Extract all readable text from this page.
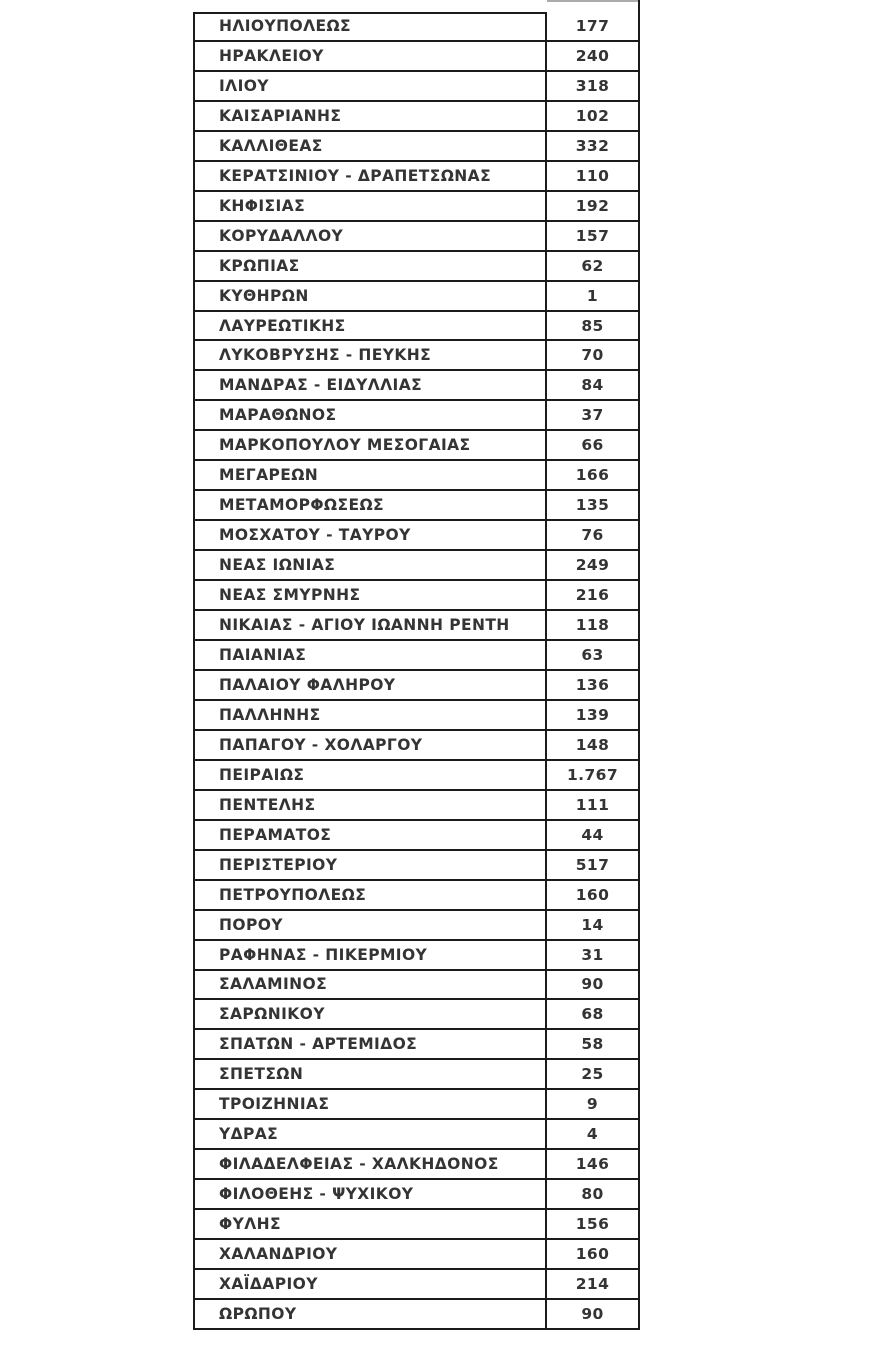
ΗΛΙΟΥΠΟΛΕΩΣ	177
ΗΡΑΚΛΕΙΟΥ	240
ΙΛΙΟΥ	318
ΚΑΙΣΑΡΙΑΝΗΣ	102
ΚΑΛΛΙΘΕΑΣ	332
ΚΕΡΑΤΣΙΝΙΟΥ - ΔΡΑΠΕΤΣΩΝΑΣ	110
ΚΗΦΙΣΙΑΣ	192
ΚΟΡΥΔΑΛΛΟΥ	157
ΚΡΩΠΙΑΣ	62
ΚΥΘΗΡΩΝ	1
ΛΑΥΡΕΩΤΙΚΗΣ	85
ΛΥΚΟΒΡΥΣΗΣ - ΠΕΥΚΗΣ	70
ΜΑΝΔΡΑΣ - ΕΙΔΥΛΛΙΑΣ	84
ΜΑΡΑΘΩΝΟΣ	37
ΜΑΡΚΟΠΟΥΛΟΥ ΜΕΣΟΓΑΙΑΣ	66
ΜΕΓΑΡΕΩΝ	166
ΜΕΤΑΜΟΡΦΩΣΕΩΣ	135
ΜΟΣΧΑΤΟΥ - ΤΑΥΡΟΥ	76
ΝΕΑΣ ΙΩΝΙΑΣ	249
ΝΕΑΣ ΣΜΥΡΝΗΣ	216
ΝΙΚΑΙΑΣ - ΑΓΙΟΥ ΙΩΑΝΝΗ ΡΕΝΤΗ	118
ΠΑΙΑΝΙΑΣ	63
ΠΑΛΑΙΟΥ ΦΑΛΗΡΟΥ	136
ΠΑΛΛΗΝΗΣ	139
ΠΑΠΑΓΟΥ - ΧΟΛΑΡΓΟΥ	148
ΠΕΙΡΑΙΩΣ	1.767
ΠΕΝΤΕΛΗΣ	111
ΠΕΡΑΜΑΤΟΣ	44
ΠΕΡΙΣΤΕΡΙΟΥ	517
ΠΕΤΡΟΥΠΟΛΕΩΣ	160
ΠΟΡΟΥ	14
ΡΑΦΗΝΑΣ - ΠΙΚΕΡΜΙΟΥ	31
ΣΑΛΑΜΙΝΟΣ	90
ΣΑΡΩΝΙΚΟΥ	68
ΣΠΑΤΩΝ - ΑΡΤΕΜΙΔΟΣ	58
ΣΠΕΤΣΩΝ	25
ΤΡΟΙΖΗΝΙΑΣ	9
ΥΔΡΑΣ	4
ΦΙΛΑΔΕΛΦΕΙΑΣ - ΧΑΛΚΗΔΟΝΟΣ	146
ΦΙΛΟΘΕΗΣ - ΨΥΧΙΚΟΥ	80
ΦΥΛΗΣ	156
ΧΑΛΑΝΔΡΙΟΥ	160
ΧΑΪΔΑΡΙΟΥ	214
ΩΡΩΠΟΥ	90
